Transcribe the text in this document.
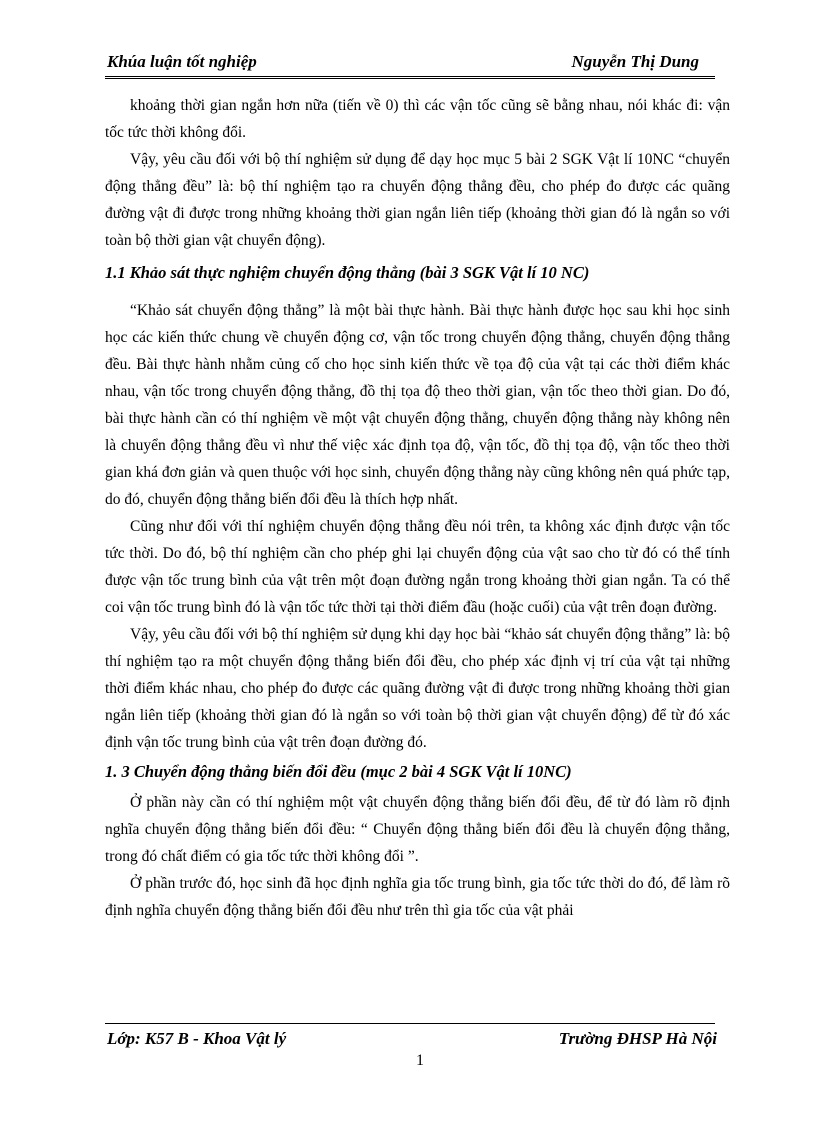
Khúa luận tốt nghiệp	Nguyễn Thị Dung

khoảng thời gian ngắn hơn nữa (tiến về 0) thì các vận tốc cũng sẽ bằng nhau, nói khác đi: vận tốc tức thời không đổi.

Vậy, yêu cầu đối với bộ thí nghiệm sử dụng để dạy học mục 5 bài 2 SGK Vật lí 10NC “chuyển động thẳng đều” là: bộ thí nghiệm tạo ra chuyển động thẳng đều, cho phép đo được các quãng đường vật đi được trong những khoảng thời gian ngắn liên tiếp (khoảng thời gian đó là ngắn so với toàn bộ thời gian vật chuyển động).

1.1 Khảo sát thực nghiệm chuyển động thẳng (bài 3 SGK Vật lí 10 NC)

“Khảo sát chuyển động thẳng” là một bài thực hành. Bài thực hành được học sau khi học sinh học các kiến thức chung về chuyển động cơ, vận tốc trong chuyển động thẳng, chuyển động thẳng đều. Bài thực hành nhằm củng cố cho học sinh kiến thức về tọa độ của vật tại các thời điểm khác nhau, vận tốc trong chuyển động thẳng, đồ thị tọa độ theo thời gian, vận tốc theo thời gian. Do đó, bài thực hành cần có thí nghiệm về một vật chuyển động thẳng, chuyển động thẳng này không nên là chuyển động thẳng đều vì như thế việc xác định tọa độ, vận tốc, đồ thị tọa độ, vận tốc theo thời gian khá đơn giản và quen thuộc với học sinh, chuyển động thẳng này cũng không nên quá phức tạp, do đó, chuyển động thẳng biến đổi đều là thích hợp nhất.

Cũng như đối với thí nghiệm chuyển động thẳng đều nói trên, ta không xác định được vận tốc tức thời. Do đó, bộ thí nghiệm cần cho phép ghi lại chuyển động của vật sao cho từ đó có thể tính được vận tốc trung bình của vật trên một đoạn đường ngắn trong khoảng thời gian ngắn. Ta có thể coi vận tốc trung bình đó là vận tốc tức thời tại thời điểm đầu (hoặc cuối) của vật trên đoạn đường.

Vậy, yêu cầu đối với bộ thí nghiệm sử dụng khi dạy học bài “khảo sát chuyển động thẳng” là: bộ thí nghiệm tạo ra một chuyển động thẳng biến đổi đều, cho phép xác định vị trí của vật tại những thời điểm khác nhau, cho phép đo được các quãng đường vật đi được trong những khoảng thời gian ngắn liên tiếp (khoảng thời gian đó là ngắn so với toàn bộ thời gian vật chuyển động) để từ đó xác định vận tốc trung bình của vật trên đoạn đường đó.

1. 3 Chuyển động thẳng biến đổi đều (mục 2 bài 4 SGK Vật lí 10NC)

Ở phần này cần có thí nghiệm một vật chuyển động thẳng biến đổi đều, để từ đó làm rõ định nghĩa chuyển động thẳng biến đổi đều: “ Chuyển động thẳng biến đổi đều là chuyển động thẳng, trong đó chất điểm có gia tốc tức thời không đổi ”.

Ở phần trước đó, học sinh đã học định nghĩa gia tốc trung bình, gia tốc tức thời do đó, để làm rõ định nghĩa chuyển động thẳng biến đổi đều như trên thì gia tốc của vật phải

Lớp: K57 B - Khoa Vật lý	Trường ĐHSP Hà Nội
1
